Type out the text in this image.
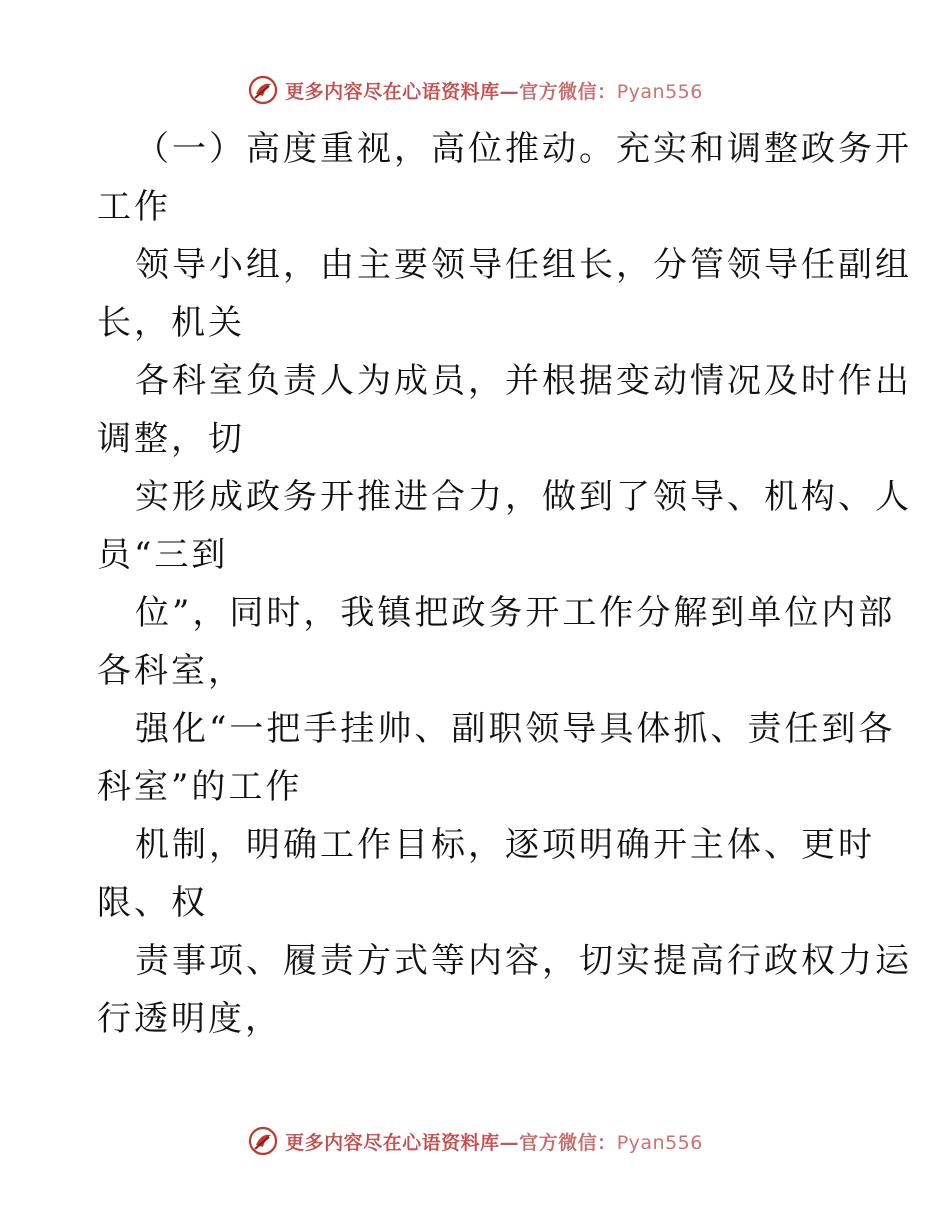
更多内容尽在心语资料库—官方微信：Pyan556
（一）高度重视，高位推动。充实和调整政务开
工作
领导小组，由主要领导任组长，分管领导任副组
长，机关
各科室负责人为成员，并根据变动情况及时作出
调整，切
实形成政务开推进合力，做到了领导、机构、人
员“三到
位”，同时，我镇把政务开工作分解到单位内部
各科室，
强化“一把手挂帅、副职领导具体抓、责任到各
科室”的工作
机制，明确工作目标，逐项明确开主体、更时
限、权
责事项、履责方式等内容，切实提高行政权力运
行透明度，
更多内容尽在心语资料库—官方微信：Pyan556
